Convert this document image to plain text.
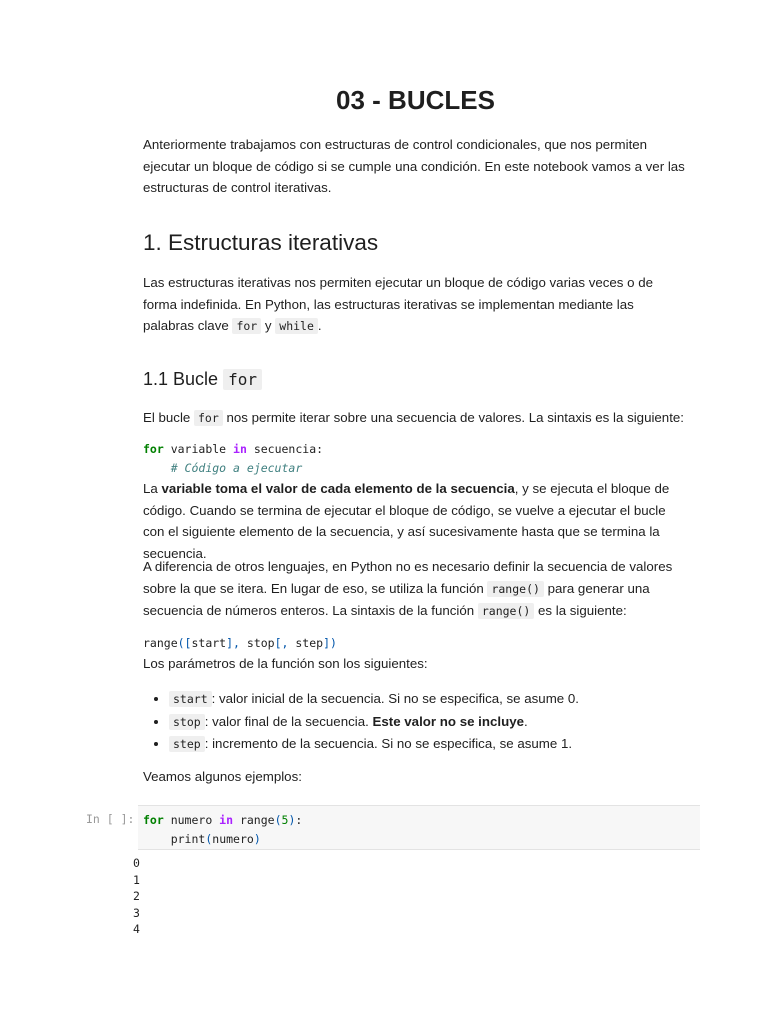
03 - BUCLES

Anteriormente trabajamos con estructuras de control condicionales, que nos permiten ejecutar un bloque de código si se cumple una condición. En este notebook vamos a ver las estructuras de control iterativas.

1. Estructuras iterativas

Las estructuras iterativas nos permiten ejecutar un bloque de código varias veces o de forma indefinida. En Python, las estructuras iterativas se implementan mediante las palabras clave for y while .

1.1 Bucle for

El bucle for nos permite iterar sobre una secuencia de valores. La sintaxis es la siguiente:

for variable in secuencia:
# Código a ejecutar

La variable toma el valor de cada elemento de la secuencia, y se ejecuta el bloque de código. Cuando se termina de ejecutar el bloque de código, se vuelve a ejecutar el bucle con el siguiente elemento de la secuencia, y así sucesivamente hasta que se termina la secuencia.

A diferencia de otros lenguajes, en Python no es necesario definir la secuencia de valores sobre la que se itera. En lugar de eso, se utiliza la función range() para generar una secuencia de números enteros. La sintaxis de la función range() es la siguiente:

range([start], stop[, step])

Los parámetros de la función son los siguientes:

• start : valor inicial de la secuencia. Si no se especifica, se asume 0.
• stop : valor final de la secuencia. Este valor no se incluye.
• step : incremento de la secuencia. Si no se especifica, se asume 1.

Veamos algunos ejemplos:

In [ ]: for numero in range(5):
print(numero)
0
1
2
3
4
